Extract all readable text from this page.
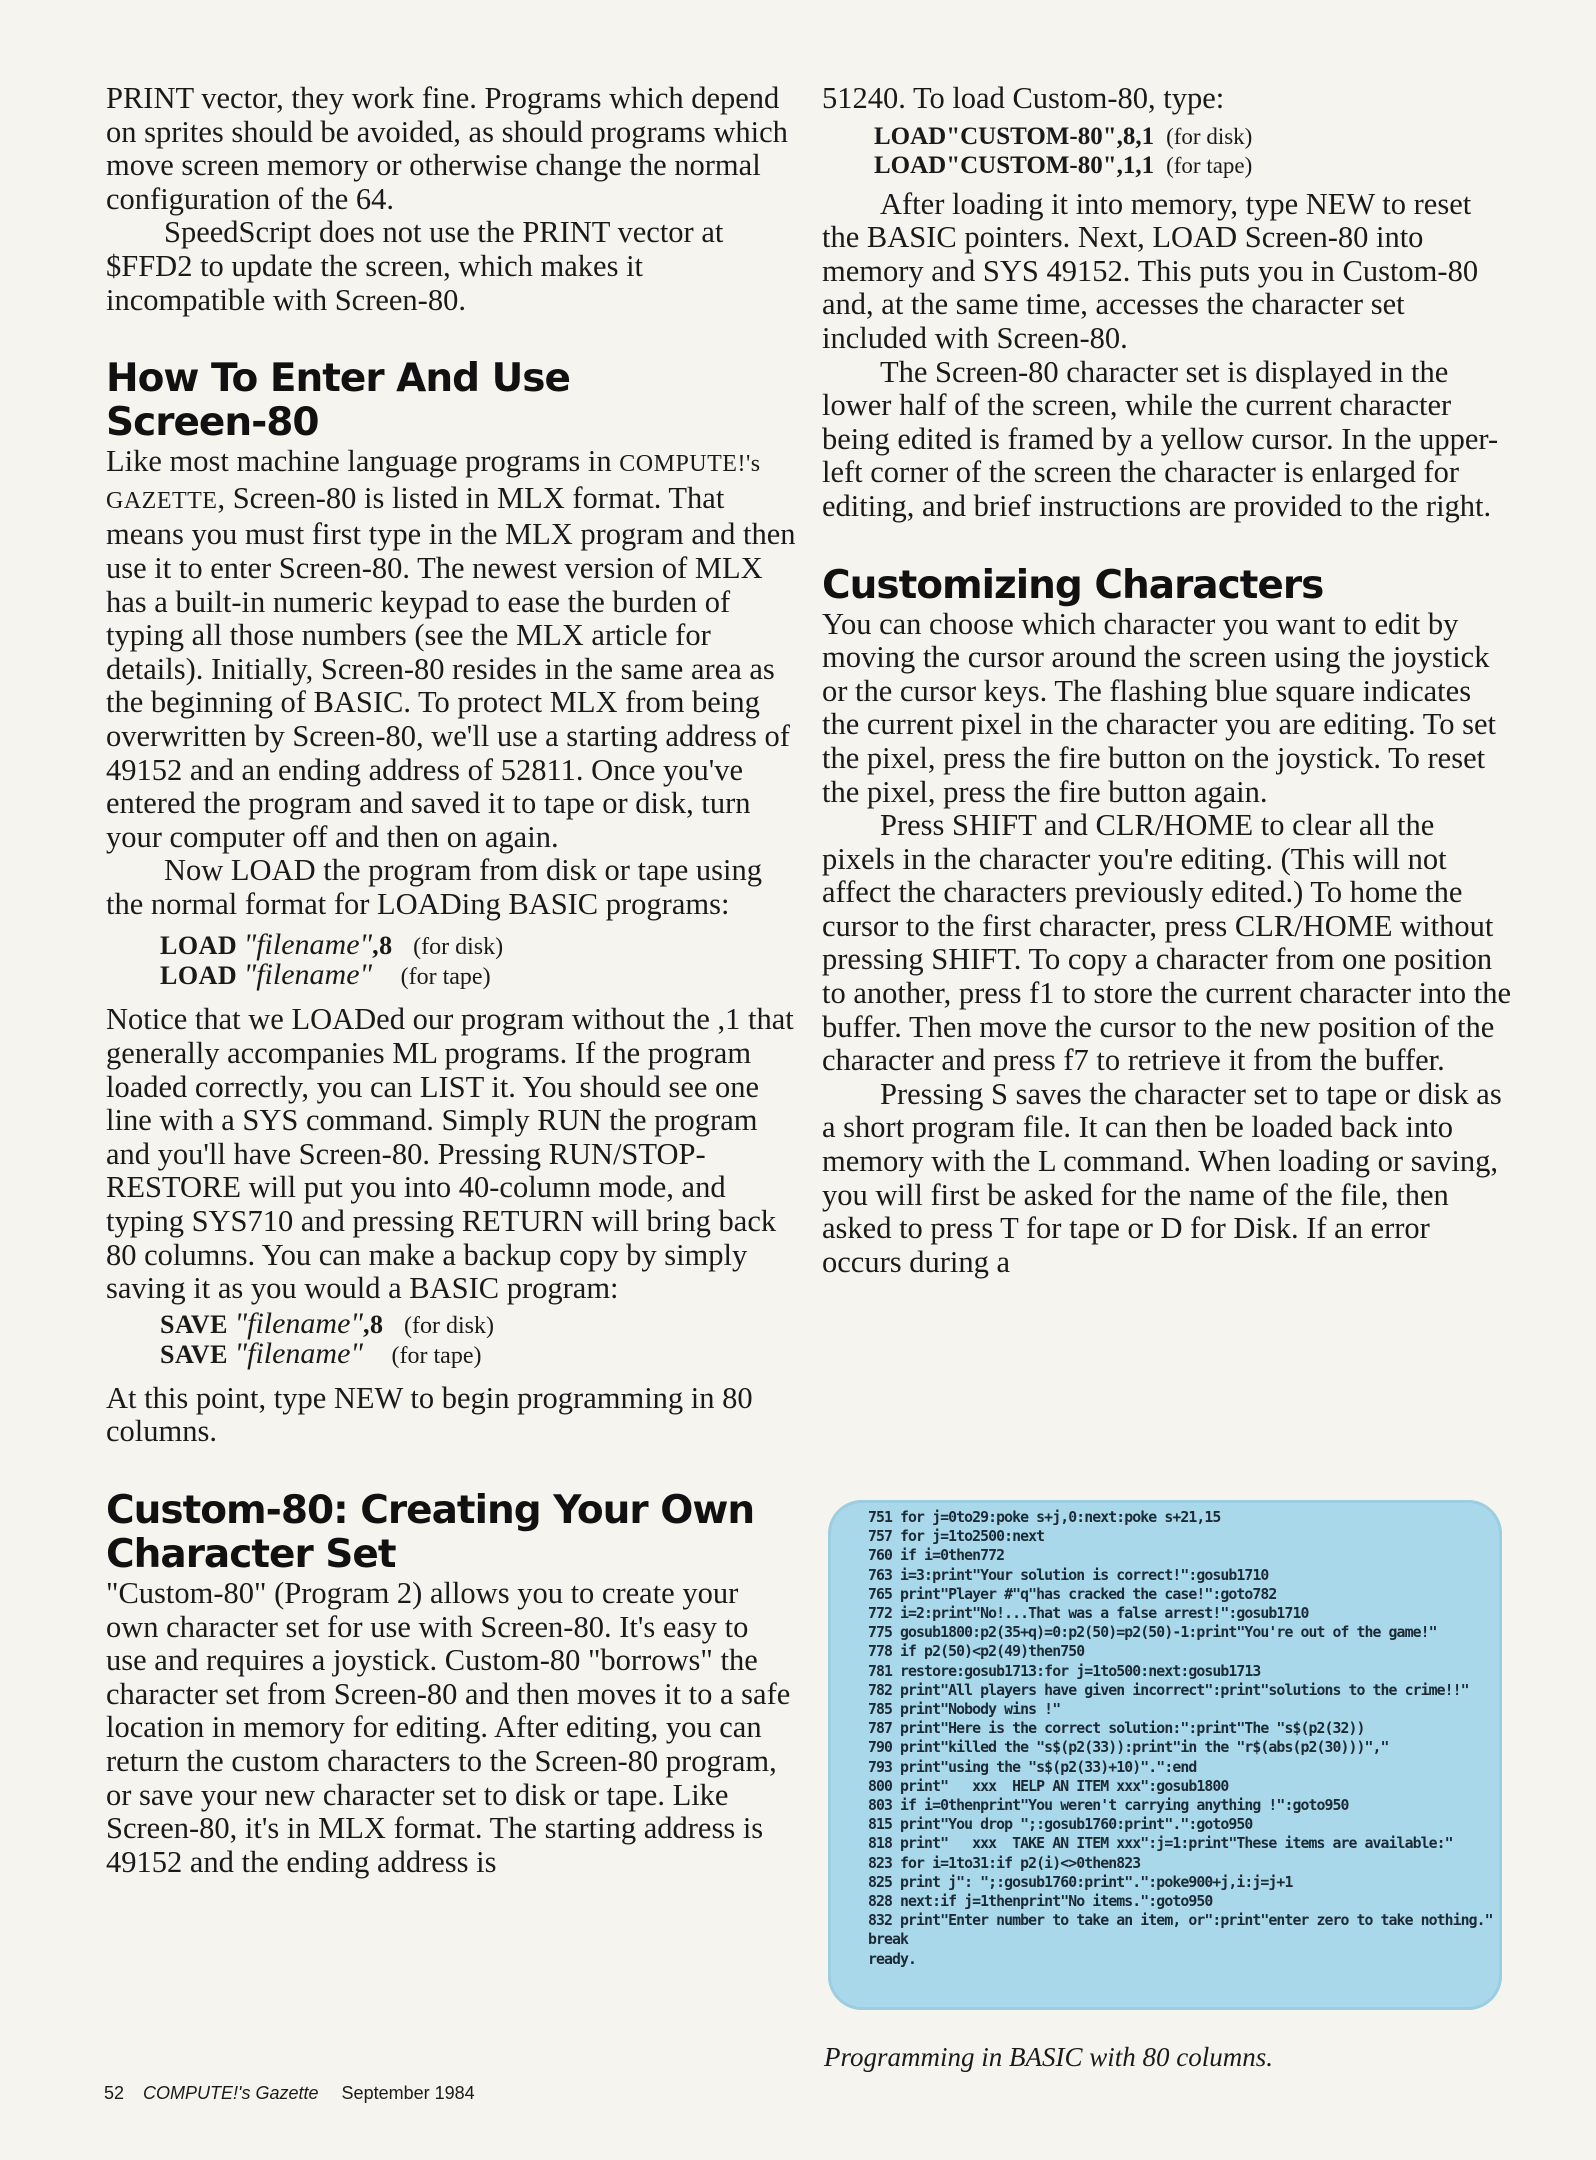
PRINT vector, they work fine. Programs which depend on sprites should be avoided, as should programs which move screen memory or otherwise change the normal configuration of the 64.

SpeedScript does not use the PRINT vector at $FFD2 to update the screen, which makes it incompatible with Screen-80.

How To Enter And Use
Screen-80

Like most machine language programs in COMPUTE!'s GAZETTE, Screen-80 is listed in MLX format. That means you must first type in the MLX program and then use it to enter Screen-80. The newest version of MLX has a built-in numeric keypad to ease the burden of typing all those numbers (see the MLX article for details). Initially, Screen-80 resides in the same area as the beginning of BASIC. To protect MLX from being overwritten by Screen-80, we'll use a starting address of 49152 and an ending address of 52811. Once you've entered the program and saved it to tape or disk, turn your computer off and then on again.

Now LOAD the program from disk or tape using the normal format for LOADing BASIC programs:

LOAD "filename",8 (for disk)
LOAD "filename" (for tape)

Notice that we LOADed our program without the ,1 that generally accompanies ML programs. If the program loaded correctly, you can LIST it. You should see one line with a SYS command. Simply RUN the program and you'll have Screen-80. Pressing RUN/STOP-RESTORE will put you into 40-column mode, and typing SYS710 and pressing RETURN will bring back 80 columns. You can make a backup copy by simply saving it as you would a BASIC program:

SAVE "filename",8 (for disk)
SAVE "filename" (for tape)

At this point, type NEW to begin programming in 80 columns.

Custom-80: Creating Your Own
Character Set

"Custom-80" (Program 2) allows you to create your own character set for use with Screen-80. It's easy to use and requires a joystick. Custom-80 "borrows" the character set from Screen-80 and then moves it to a safe location in memory for editing. After editing, you can return the custom characters to the Screen-80 program, or save your new character set to disk or tape. Like Screen-80, it's in MLX format. The starting address is 49152 and the ending address is

51240. To load Custom-80, type:

LOAD"CUSTOM-80",8,1 (for disk)
LOAD"CUSTOM-80",1,1 (for tape)

After loading it into memory, type NEW to reset the BASIC pointers. Next, LOAD Screen-80 into memory and SYS 49152. This puts you in Custom-80 and, at the same time, accesses the character set included with Screen-80.

The Screen-80 character set is displayed in the lower half of the screen, while the current character being edited is framed by a yellow cursor. In the upper-left corner of the screen the character is enlarged for editing, and brief instructions are provided to the right.

Customizing Characters

You can choose which character you want to edit by moving the cursor around the screen using the joystick or the cursor keys. The flashing blue square indicates the current pixel in the character you are editing. To set the pixel, press the fire button on the joystick. To reset the pixel, press the fire button again.

Press SHIFT and CLR/HOME to clear all the pixels in the character you're editing. (This will not affect the characters previously edited.) To home the cursor to the first character, press CLR/HOME without pressing SHIFT. To copy a character from one position to another, press f1 to store the current character into the buffer. Then move the cursor to the new position of the character and press f7 to retrieve it from the buffer.

Pressing S saves the character set to tape or disk as a short program file. It can then be loaded back into memory with the L command. When loading or saving, you will first be asked for the name of the file, then asked to press T for tape or D for Disk. If an error occurs during a

751 for j=0to29:poke s+j,0:next:poke s+21,15
757 for j=1to2500:next
760 if i=0then772
763 i=3:print"Your solution is correct!":gosub1710
765 print"Player #"q"has cracked the case!":goto782
772 i=2:print"No!...That was a false arrest!":gosub1710
775 gosub1800:p2(35+q)=0:p2(50)=p2(50)-1:print"You're out of the game!"
778 if p2(50)<p2(49)then750
781 restore:gosub1713:for j=1to500:next:gosub1713
782 print"All players have given incorrect":print"solutions to the crime!!"
785 print"Nobody wins !"
787 print"Here is the correct solution:":print"The "s$(p2(32))
790 print"killed the "s$(p2(33)):print"in the "r$(abs(p2(30)))","
793 print"using the "s$(p2(33)+10)".":end
800 print"   xxx  HELP AN ITEM xxx":gosub1800
803 if i=0thenprint"You weren't carrying anything !":goto950
815 print"You drop ";:gosub1760:print".":goto950
818 print"   xxx  TAKE AN ITEM xxx":j=1:print"These items are available:"
823 for i=1to31:if p2(i)<>0then823
825 print j": ";:gosub1760:print".":poke900+j,i:j=j+1
828 next:if j=1thenprint"No items.":goto950
832 print"Enter number to take an item, or":print"enter zero to take nothing."
break
ready.
Programming in BASIC with 80 columns.
52 COMPUTE!'s Gazette September 1984
